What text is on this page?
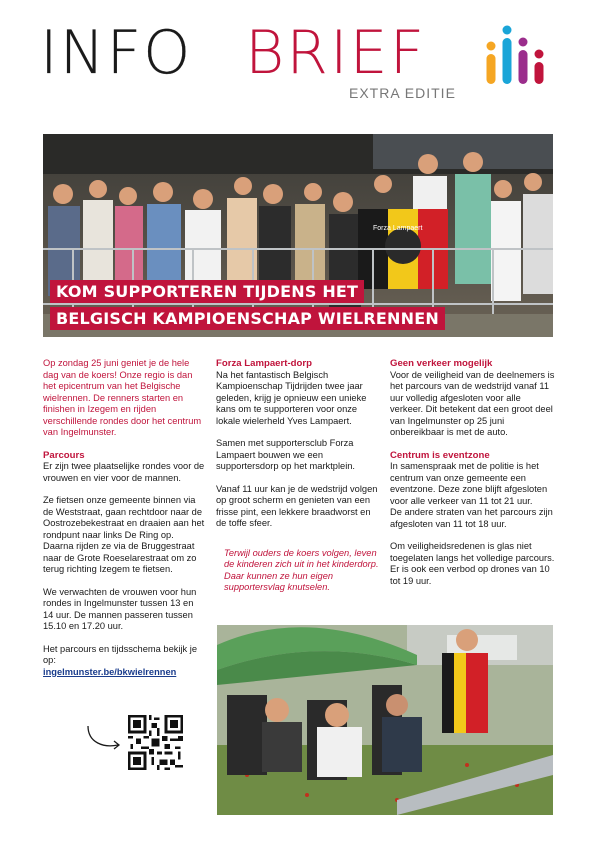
INFO BRIEF
EXTRA EDITIE
Forza Lampaert
KOM SUPPORTEREN TIJDENS HET
BELGISCH KAMPIOENSCHAP WIELRENNEN

Op zondag 25 juni geniet je de hele dag van de koers! Onze regio is dan het epicentrum van het Belgische wielrennen. De renners starten en finishen in Izegem en rijden verschillende rondes door het centrum van Ingelmunster.

Parcours

Er zijn twee plaatselijke rondes voor de vrouwen en vier voor de mannen.

Ze fietsen onze gemeente binnen via de Weststraat, gaan rechtdoor naar de Oostrozebekestraat en draaien aan het rondpunt naar links De Ring op. Daarna rijden ze via de Bruggestraat naar de Grote Roeselarestraat om zo terug richting Izegem te fietsen.

We verwachten de vrouwen voor hun rondes in Ingelmunster tussen 13 en 14 uur. De mannen passeren tussen 15.10 en 17.20 uur.

Het parcours en tijdsschema bekijk je op:
ingelmunster.be/bkwielrennen
Forza Lampaert-dorp

Na het fantastisch Belgisch Kampioenschap Tijdrijden twee jaar geleden, krijg je opnieuw een unieke kans om te supporteren voor onze lokale wielerheld Yves Lampaert.

Samen met supportersclub Forza Lampaert bouwen we een supportersdorp op het marktplein.

Vanaf 11 uur kan je de wedstrijd volgen op groot scherm en genieten van een frisse pint, een lekkere braadworst en de toffe sfeer.

Terwijl ouders de koers volgen, leven de kinderen zich uit in het kinderdorp. Daar kunnen ze hun eigen supportersvlag knutselen.

Geen verkeer mogelijk

Voor de veiligheid van de deelnemers is het parcours van de wedstrijd vanaf 11 uur volledig afgesloten voor alle verkeer. Dit betekent dat een groot deel van Ingelmunster op 25 juni onbereikbaar is met de auto.

Centrum is eventzone

In samenspraak met de politie is het centrum van onze gemeente een eventzone. Deze zone blijft afgesloten voor alle verkeer van 11 tot 21 uur.

De andere straten van het parcours zijn afgesloten van 11 tot 18 uur.

Om veiligheidsredenen is glas niet toegelaten langs het volledige parcours. Er is ook een verbod op drones van 10 tot 19 uur.
